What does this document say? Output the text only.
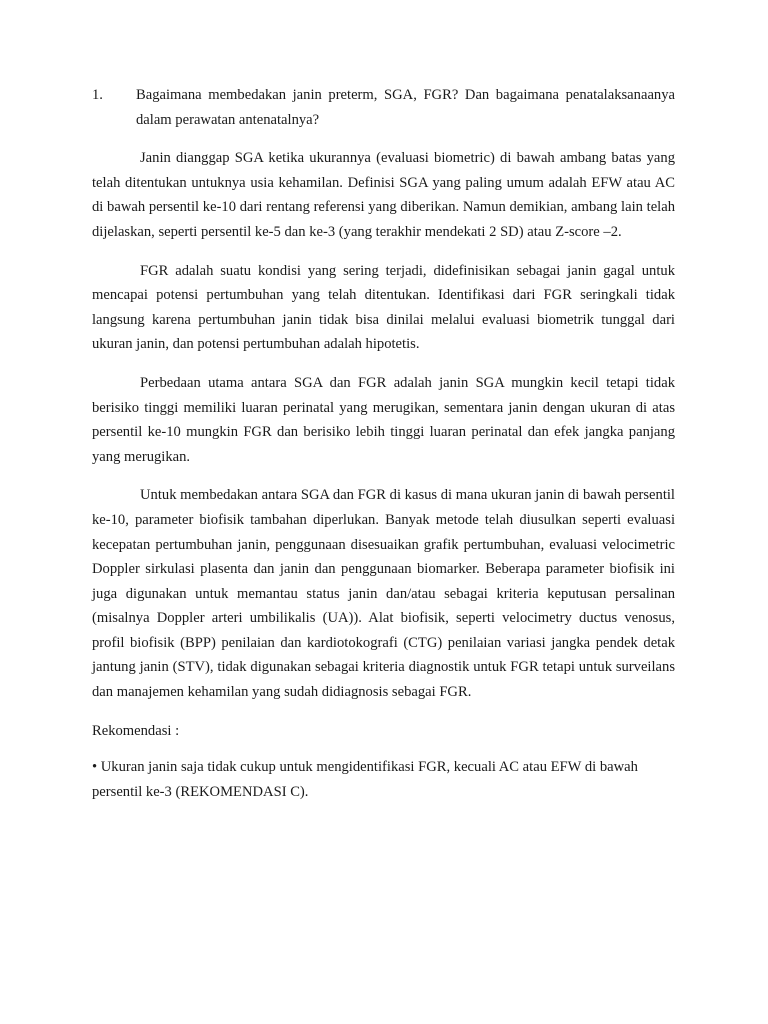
1.	Bagaimana membedakan janin preterm, SGA, FGR? Dan bagaimana penatalaksanaanya dalam perawatan antenatalnya?

Janin dianggap SGA ketika ukurannya (evaluasi biometric) di bawah ambang batas yang telah ditentukan untuknya usia kehamilan. Definisi SGA yang paling umum adalah EFW atau AC di bawah persentil ke-10 dari rentang referensi yang diberikan. Namun demikian, ambang lain telah dijelaskan, seperti persentil ke-5 dan ke-3 (yang terakhir mendekati 2 SD) atau Z-score –2.

FGR adalah suatu kondisi yang sering terjadi, didefinisikan sebagai janin gagal untuk mencapai potensi pertumbuhan yang telah ditentukan. Identifikasi dari FGR seringkali tidak langsung karena pertumbuhan janin tidak bisa dinilai melalui evaluasi biometrik tunggal dari ukuran janin, dan potensi pertumbuhan adalah hipotetis.

Perbedaan utama antara SGA dan FGR adalah janin SGA mungkin kecil tetapi tidak berisiko tinggi memiliki luaran perinatal yang merugikan, sementara janin dengan ukuran di atas persentil ke-10 mungkin FGR dan berisiko lebih tinggi luaran perinatal dan efek jangka panjang yang merugikan.

Untuk membedakan antara SGA dan FGR di kasus di mana ukuran janin di bawah persentil ke-10, parameter biofisik tambahan diperlukan. Banyak metode telah diusulkan seperti evaluasi kecepatan pertumbuhan janin, penggunaan disesuaikan grafik pertumbuhan, evaluasi velocimetric Doppler sirkulasi plasenta dan janin dan penggunaan biomarker. Beberapa parameter biofisik ini juga digunakan untuk memantau status janin dan/atau sebagai kriteria keputusan persalinan (misalnya Doppler arteri umbilikalis (UA)). Alat biofisik, seperti velocimetry ductus venosus, profil biofisik (BPP) penilaian dan kardiotokografi (CTG) penilaian variasi jangka pendek detak jantung janin (STV), tidak digunakan sebagai kriteria diagnostik untuk FGR tetapi untuk surveilans dan manajemen kehamilan yang sudah didiagnosis sebagai FGR.

Rekomendasi :

• Ukuran janin saja tidak cukup untuk mengidentifikasi FGR, kecuali AC atau EFW di bawah persentil ke-3 (REKOMENDASI C).
